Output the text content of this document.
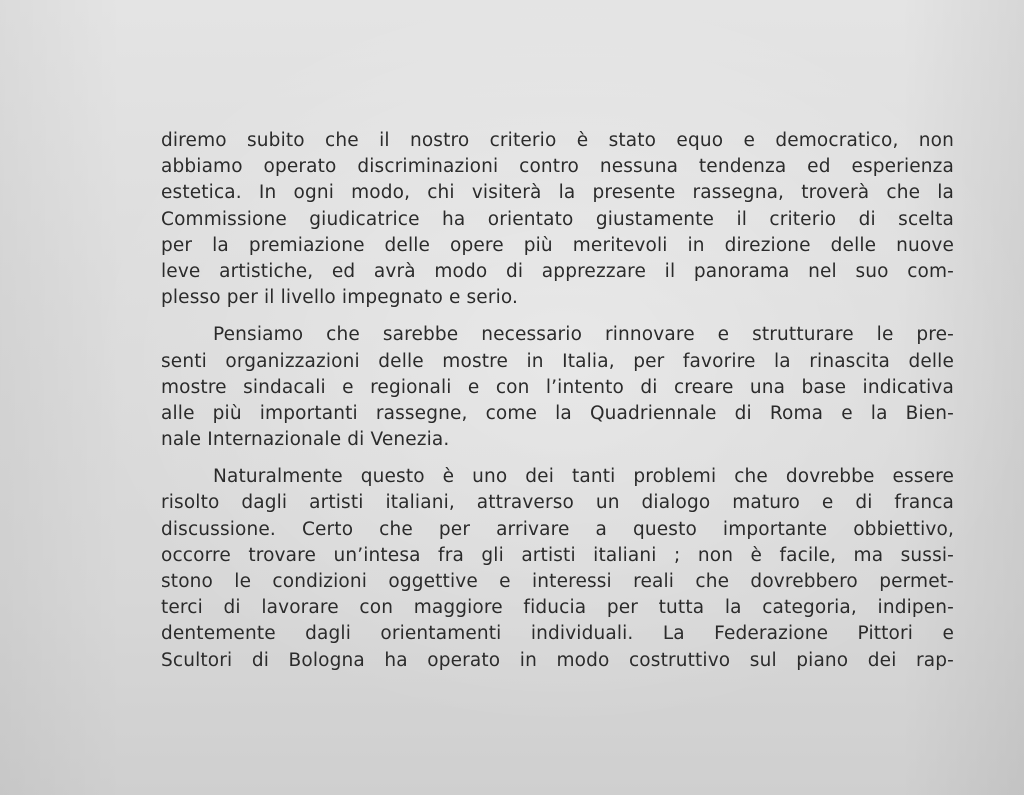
diremo subito che il nostro criterio è stato equo e democratico, non
abbiamo operato discriminazioni contro nessuna tendenza ed esperienza
estetica. In ogni modo, chi visiterà la presente rassegna, troverà che la
Commissione giudicatrice ha orientato giustamente il criterio di scelta
per la premiazione delle opere più meritevoli in direzione delle nuove
leve artistiche, ed avrà modo di apprezzare il panorama nel suo com-
plesso per il livello impegnato e serio.

Pensiamo che sarebbe necessario rinnovare e strutturare le pre-
senti organizzazioni delle mostre in Italia, per favorire la rinascita delle
mostre sindacali e regionali e con l’intento di creare una base indicativa
alle più importanti rassegne, come la Quadriennale di Roma e la Bien-
nale Internazionale di Venezia.

Naturalmente questo è uno dei tanti problemi che dovrebbe essere
risolto dagli artisti italiani, attraverso un dialogo maturo e di franca
discussione. Certo che per arrivare a questo importante obbiettivo,
occorre trovare un’intesa fra gli artisti italiani ; non è facile, ma sussi-
stono le condizioni oggettive e interessi reali che dovrebbero permet-
terci di lavorare con maggiore fiducia per tutta la categoria, indipen-
dentemente dagli orientamenti individuali. La Federazione Pittori e
Scultori di Bologna ha operato in modo costruttivo sul piano dei rap-
